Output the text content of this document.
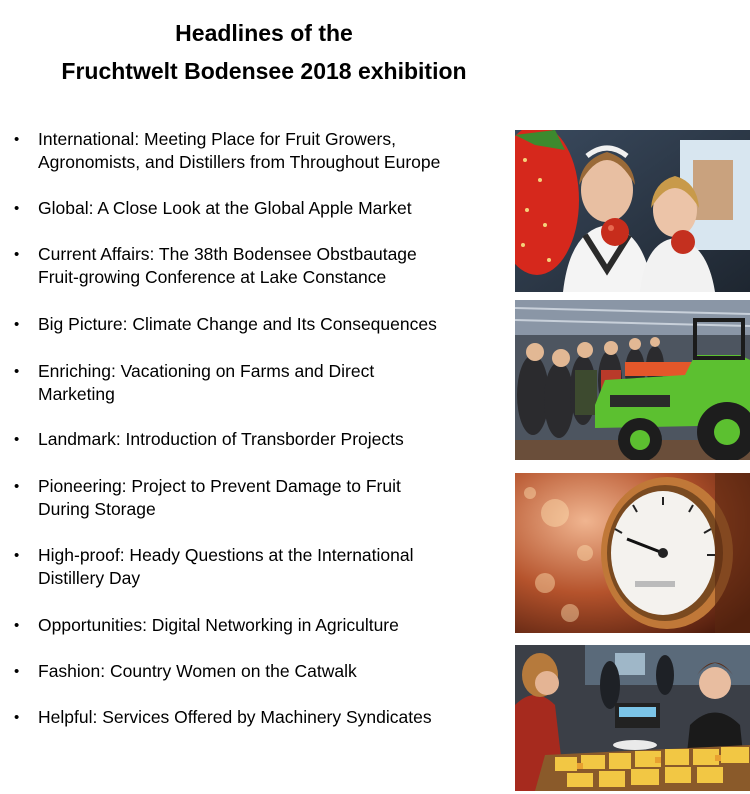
Headlines of the
Fruchtwelt Bodensee 2018 exhibition
• International: Meeting Place for Fruit Growers,
Agronomists, and Distillers from Throughout Europe
• Global: A Close Look at the Global Apple Market
• Current Affairs: The 38th Bodensee Obstbautage
Fruit-growing Conference at Lake Constance
• Big Picture: Climate Change and Its Consequences
• Enriching: Vacationing on Farms and Direct
Marketing
• Landmark: Introduction of Transborder Projects
• Pioneering: Project to Prevent Damage to Fruit
During Storage
• High-proof: Heady Questions at the International
Distillery Day
• Opportunities: Digital Networking in Agriculture
• Fashion: Country Women on the Catwalk
• Helpful: Services Offered by Machinery Syndicates
